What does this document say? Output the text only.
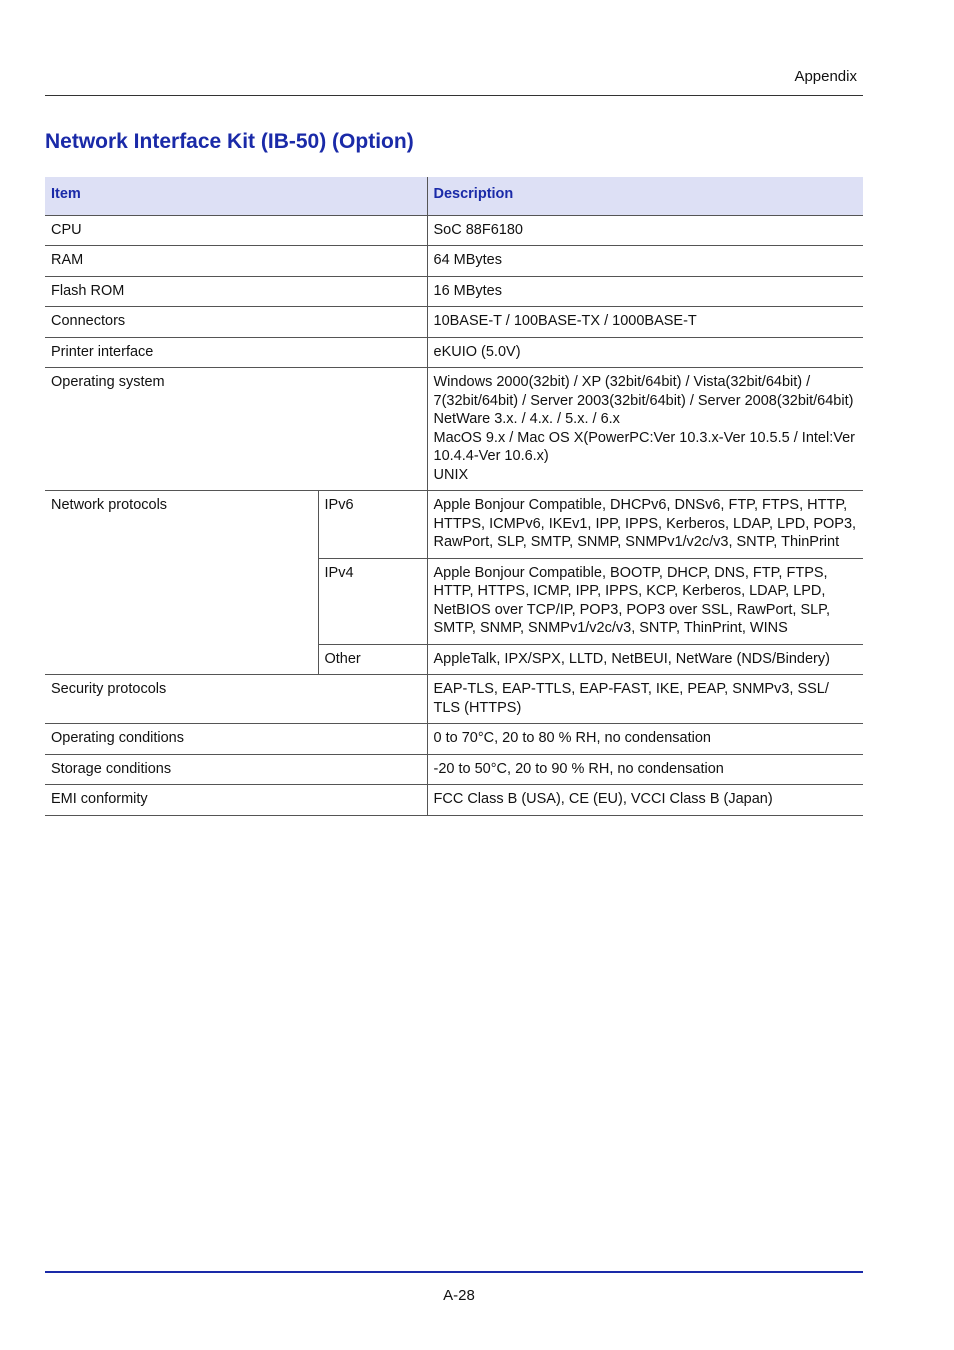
Appendix
Network Interface Kit (IB-50) (Option)
Item		Description
CPU		SoC 88F6180

RAM		64 MBytes

Flash ROM		16 MBytes

Connectors		10BASE-T / 100BASE-TX / 1000BASE-T

Printer interface		eKUIO (5.0V)

Operating system		Windows 2000(32bit) / XP (32bit/64bit) / Vista(32bit/64bit) / 7(32bit/64bit) / Server 2003(32bit/64bit) / Server 2008(32bit/64bit)

NetWare 3.x. / 4.x. / 5.x. / 6.x

MacOS 9.x / Mac OS X(PowerPC:Ver 10.3.x-Ver 10.5.5 / Intel:Ver 10.4.4-Ver 10.6.x)

UNIX

Network protocols	IPv6	Apple Bonjour Compatible, DHCPv6, DNSv6, FTP, FTPS, HTTP, HTTPS, ICMPv6, IKEv1, IPP, IPPS, Kerberos, LDAP, LPD, POP3, RawPort, SLP, SMTP, SNMP, SNMPv1/v2c/v3, SNTP, ThinPrint
	IPv4	Apple Bonjour Compatible, BOOTP, DHCP, DNS, FTP, FTPS, HTTP, HTTPS, ICMP, IPP, IPPS, KCP, Kerberos, LDAP, LPD, NetBIOS over TCP/IP, POP3, POP3 over SSL, RawPort, SLP, SMTP, SNMP, SNMPv1/v2c/v3, SNTP, ThinPrint, WINS
	Other	AppleTalk, IPX/SPX, LLTD, NetBEUI, NetWare (NDS/Bindery)
Security protocols		EAP-TLS, EAP-TTLS, EAP-FAST, IKE, PEAP, SNMPv3, SSL/ TLS (HTTPS)
Operating conditions		0 to 70°C, 20 to 80 % RH, no condensation
Storage conditions		-20 to 50°C, 20 to 90 % RH, no condensation
EMI conformity		FCC Class B (USA), CE (EU), VCCI Class B (Japan)
A-28
